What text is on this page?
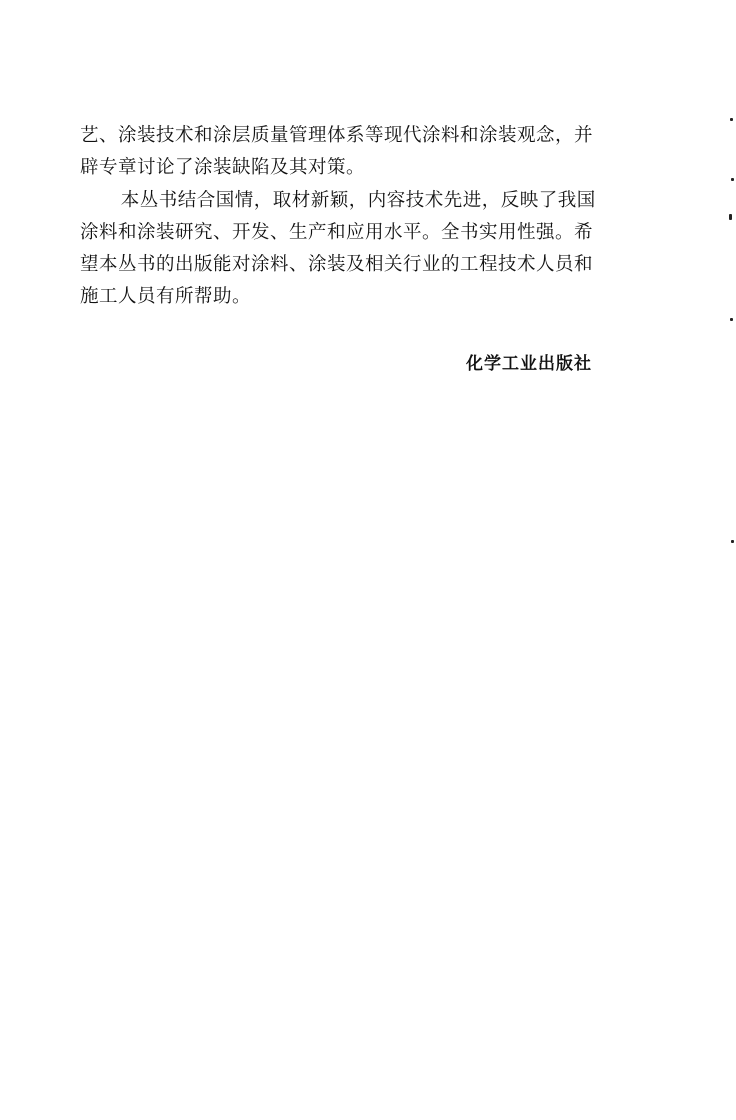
艺、涂装技术和涂层质量管理体系等现代涂料和涂装观念，并
辟专章讨论了涂装缺陷及其对策。

本丛书结合国情，取材新颖，内容技术先进，反映了我国
涂料和涂装研究、开发、生产和应用水平。全书实用性强。希
望本丛书的出版能对涂料、涂装及相关行业的工程技术人员和
施工人员有所帮助。

化学工业出版社
